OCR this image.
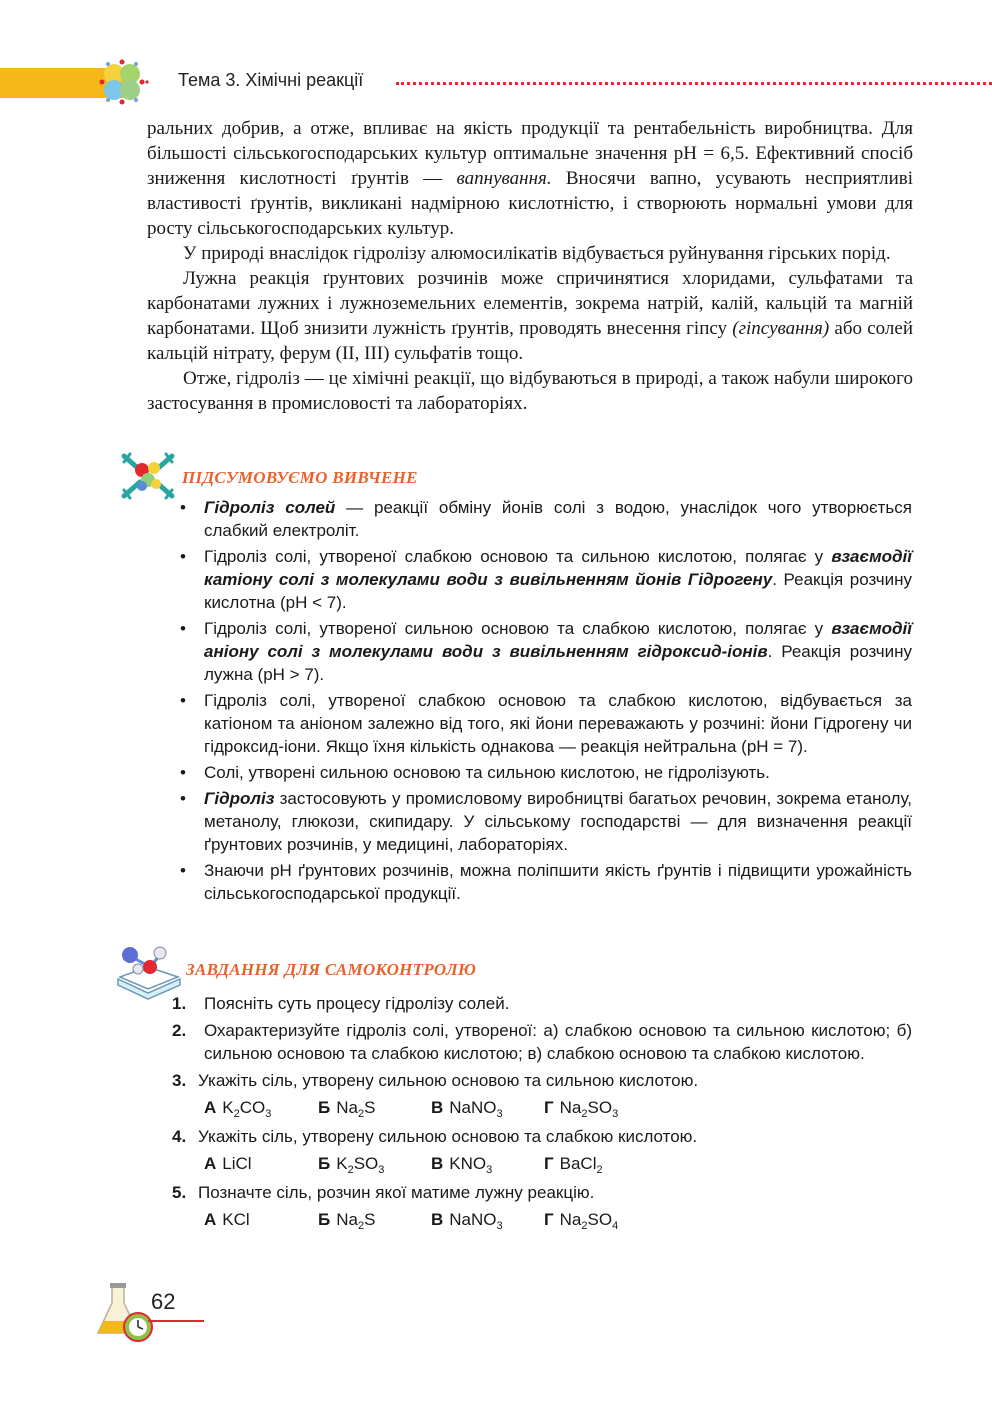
Тема 3. Хімічні реакції

ральних добрив, а отже, впливає на якість продукції та рентабельність виробництва. Для більшості сільськогосподарських культур оптимальне значення рН = 6,5. Ефективний спосіб зниження кислотності ґрунтів — вапнування. Вносячи вапно, усувають несприятливі властивості ґрунтів, викликані надмірною кислотністю, і створюють нормальні умови для росту сільськогосподарських культур.

У природі внаслідок гідролізу алюмосилікатів відбувається руйнування гірських порід.

Лужна реакція ґрунтових розчинів може спричинятися хлоридами, сульфатами та карбонатами лужних і лужноземельних елементів, зокрема натрій, калій, кальцій та магній карбонатами. Щоб знизити лужність ґрунтів, проводять внесення гіпсу (гіпсування) або солей кальцій нітрату, ферум (ІІ, ІІІ) сульфатів тощо.

Отже, гідроліз — це хімічні реакції, що відбуваються в природі, а також набули широкого застосування в промисловості та лабораторіях.

ПІДСУМОВУЄМО ВИВЧЕНЕ
• Гідроліз солей — реакції обміну йонів солі з водою, унаслідок чого утворюється слабкий електроліт.
• Гідроліз солі, утвореної слабкою основою та сильною кислотою, полягає у взаємодії катіону солі з молекулами води з вивільненням йонів Гідрогену. Реакція розчину кислотна (рН < 7).
• Гідроліз солі, утвореної сильною основою та слабкою кислотою, полягає у взаємодії аніону солі з молекулами води з вивільненням гідроксид-іонів. Реакція розчину лужна (рН > 7).
• Гідроліз солі, утвореної слабкою основою та слабкою кислотою, відбувається за катіоном та аніоном залежно від того, які йони переважають у розчині: йони Гідрогену чи гідроксид-іони. Якщо їхня кількість однакова — реакція нейтральна (рН = 7).
• Солі, утворені сильною основою та сильною кислотою, не гідролізують.
• Гідроліз застосовують у промисловому виробництві багатьох речовин, зокрема етанолу, метанолу, глюкози, скипидару. У сільському господарстві — для визначення реакції ґрунтових розчинів, у медицині, лабораторіях.
• Знаючи рН ґрунтових розчинів, можна поліпшити якість ґрунтів і підвищити урожайність сільськогосподарської продукції.
ЗАВДАННЯ ДЛЯ САМОКОНТРОЛЮ
1. Поясніть суть процесу гідролізу солей.
2. Охарактеризуйте гідроліз солі, утвореної: а) слабкою основою та сильною кислотою; б) сильною основою та слабкою кислотою; в) слабкою основою та слабкою кислотою.
3. Укажіть сіль, утворену сильною основою та сильною кислотою.
А $K_2CO_3$	Б $Na_2S$	В NaNO$_3$ Г $Na_2SO_3$
4. Укажіть сіль, утворену сильною основою та слабкою кислотою.
А LiCl	Б $K_2SO_3$	В $KNO_3$	Г BaCl$_2$
5. Позначте сіль, розчин якої матиме лужну реакцію.
А KCl	Б $Na_2S$	В NaNO$_3$ Г $Na_2SO_4$
62
